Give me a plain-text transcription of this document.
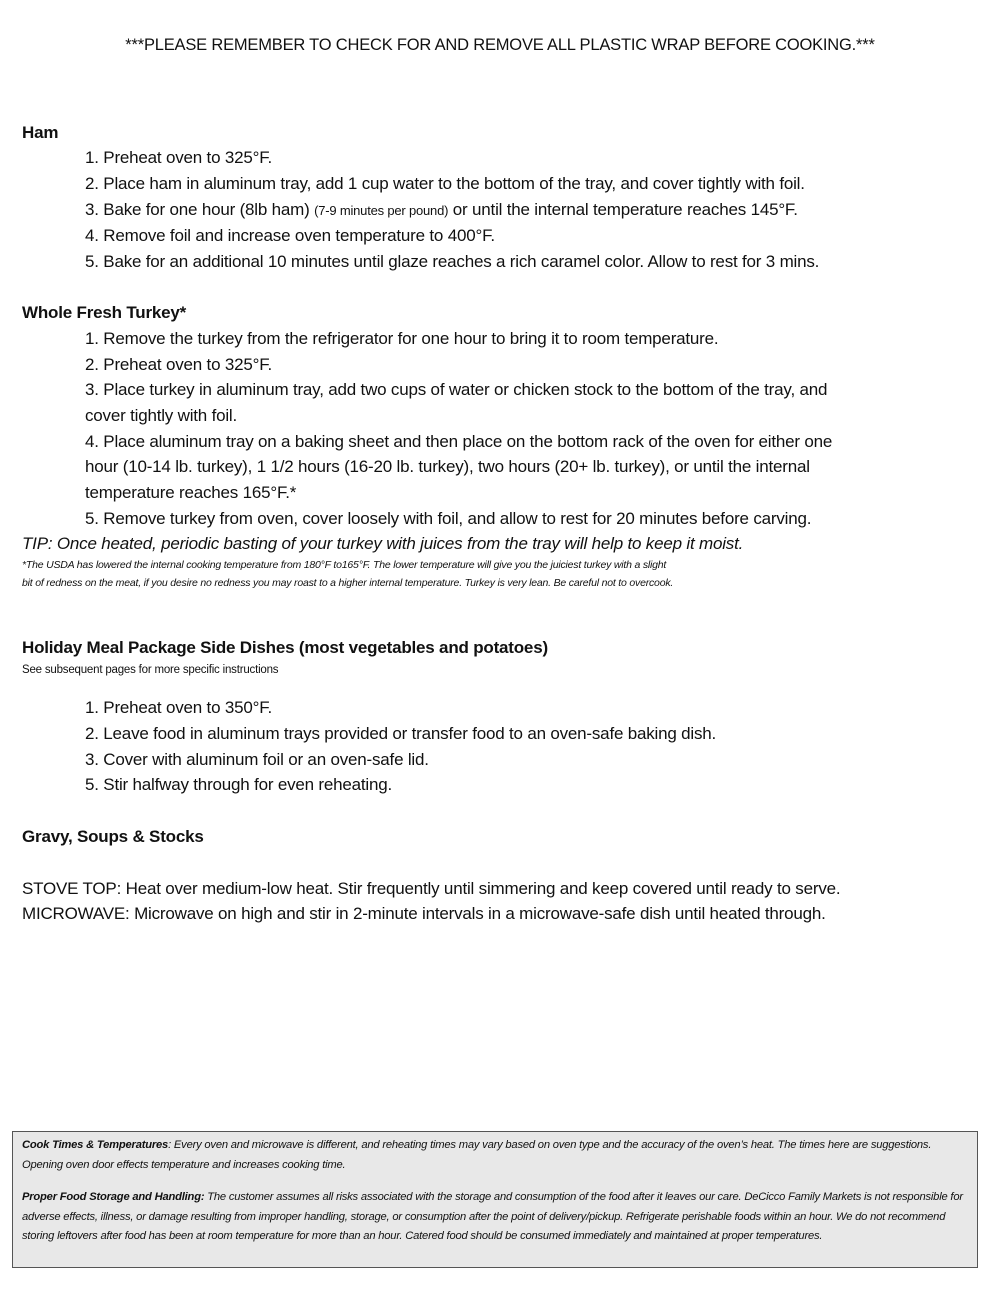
***PLEASE REMEMBER TO CHECK FOR AND REMOVE ALL PLASTIC WRAP BEFORE COOKING.***
Ham
1. Preheat oven to 325°F.
2. Place ham in aluminum tray, add 1 cup water to the bottom of the tray, and cover tightly with foil.
3. Bake for one hour (8lb ham) (7-9 minutes per pound) or until the internal temperature reaches 145°F.
4. Remove foil and increase oven temperature to 400°F.
5. Bake for an additional 10 minutes until glaze reaches a rich caramel color. Allow to rest for 3 mins.
Whole Fresh Turkey*
1. Remove the turkey from the refrigerator for one hour to bring it to room temperature.
2. Preheat oven to 325°F.
3. Place turkey in aluminum tray, add two cups of water or chicken stock to the bottom of the tray, and
cover tightly with foil.
4. Place aluminum tray on a baking sheet and then place on the bottom rack of the oven for either one
hour (10-14 lb. turkey), 1 1/2 hours (16-20 lb. turkey), two hours (20+ lb. turkey), or until the internal
temperature reaches 165°F.*
5. Remove turkey from oven, cover loosely with foil, and allow to rest for 20 minutes before carving.
TIP: Once heated, periodic basting of your turkey with juices from the tray will help to keep it moist.
*The USDA has lowered the internal cooking temperature from 180°F to165°F. The lower temperature will give you the juiciest turkey with a slight
bit of redness on the meat, if you desire no redness you may roast to a higher internal temperature. Turkey is very lean. Be careful not to overcook.
Holiday Meal Package Side Dishes (most vegetables and potatoes)
See subsequent pages for more specific instructions
1. Preheat oven to 350°F.
2. Leave food in aluminum trays provided or transfer food to an oven-safe baking dish.
3. Cover with aluminum foil or an oven-safe lid.
5. Stir halfway through for even reheating.
Gravy, Soups & Stocks
STOVE TOP: Heat over medium-low heat. Stir frequently until simmering and keep covered until ready to serve.
MICROWAVE: Microwave on high and stir in 2-minute intervals in a microwave-safe dish until heated through.

Cook Times & Temperatures: Every oven and microwave is different, and reheating times may vary based on oven type and the accuracy of the oven’s heat. The times here are suggestions. Opening oven door effects temperature and increases cooking time.

Proper Food Storage and Handling: The customer assumes all risks associated with the storage and consumption of the food after it leaves our care. DeCicco Family Markets is not responsible for adverse effects, illness, or damage resulting from improper handling, storage, or consumption after the point of delivery/pickup. Refrigerate perishable foods within an hour. We do not recommend storing leftovers after food has been at room temperature for more than an hour. Catered food should be consumed immediately and maintained at proper temperatures.
